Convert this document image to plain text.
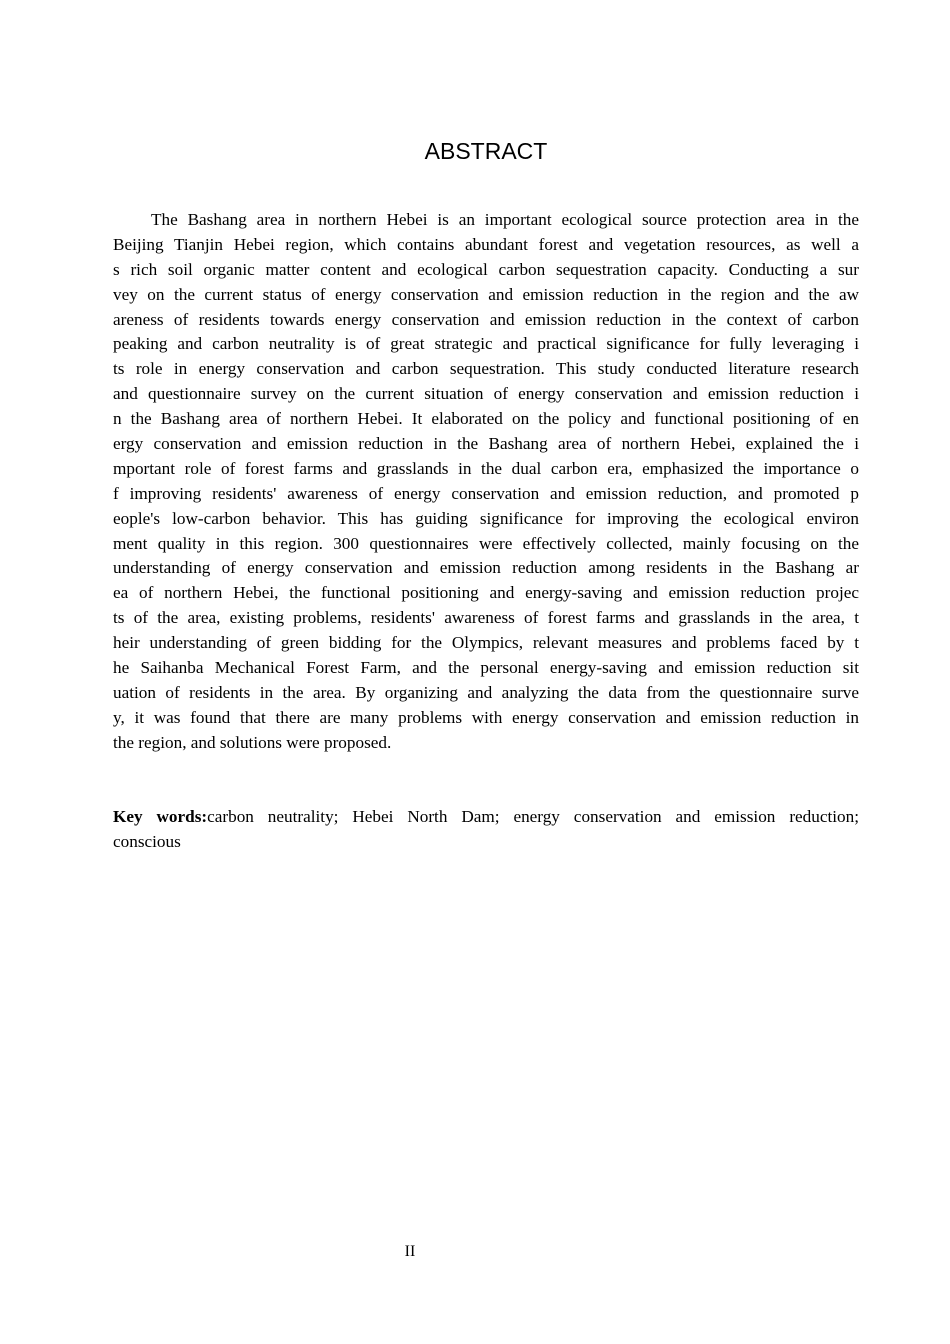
ABSTRACT
The Bashang area in northern Hebei is an important ecological source protection area in the
Beijing Tianjin Hebei region, which contains abundant forest and vegetation resources, as well a
s rich soil organic matter content and ecological carbon sequestration capacity. Conducting a sur
vey on the current status of energy conservation and emission reduction in the region and the aw
areness of residents towards energy conservation and emission reduction in the context of carbon
peaking and carbon neutrality is of great strategic and practical significance for fully leveraging i
ts role in energy conservation and carbon sequestration. This study conducted literature research
and questionnaire survey on the current situation of energy conservation and emission reduction i
n the Bashang area of northern Hebei. It elaborated on the policy and functional positioning of en
ergy conservation and emission reduction in the Bashang area of northern Hebei, explained the i
mportant role of forest farms and grasslands in the dual carbon era, emphasized the importance o
f improving residents' awareness of energy conservation and emission reduction, and promoted p
eople's low-carbon behavior. This has guiding significance for improving the ecological environ
ment quality in this region. 300 questionnaires were effectively collected, mainly focusing on the
understanding of energy conservation and emission reduction among residents in the Bashang ar
ea of northern Hebei, the functional positioning and energy-saving and emission reduction projec
ts of the area, existing problems, residents' awareness of forest farms and grasslands in the area, t
heir understanding of green bidding for the Olympics, relevant measures and problems faced by t
he Saihanba Mechanical Forest Farm, and the personal energy-saving and emission reduction sit
uation of residents in the area. By organizing and analyzing the data from the questionnaire surve
y, it was found that there are many problems with energy conservation and emission reduction in
the region, and solutions were proposed.
Key words:carbon neutrality; Hebei North Dam; energy conservation and emission reduction;
conscious
II
